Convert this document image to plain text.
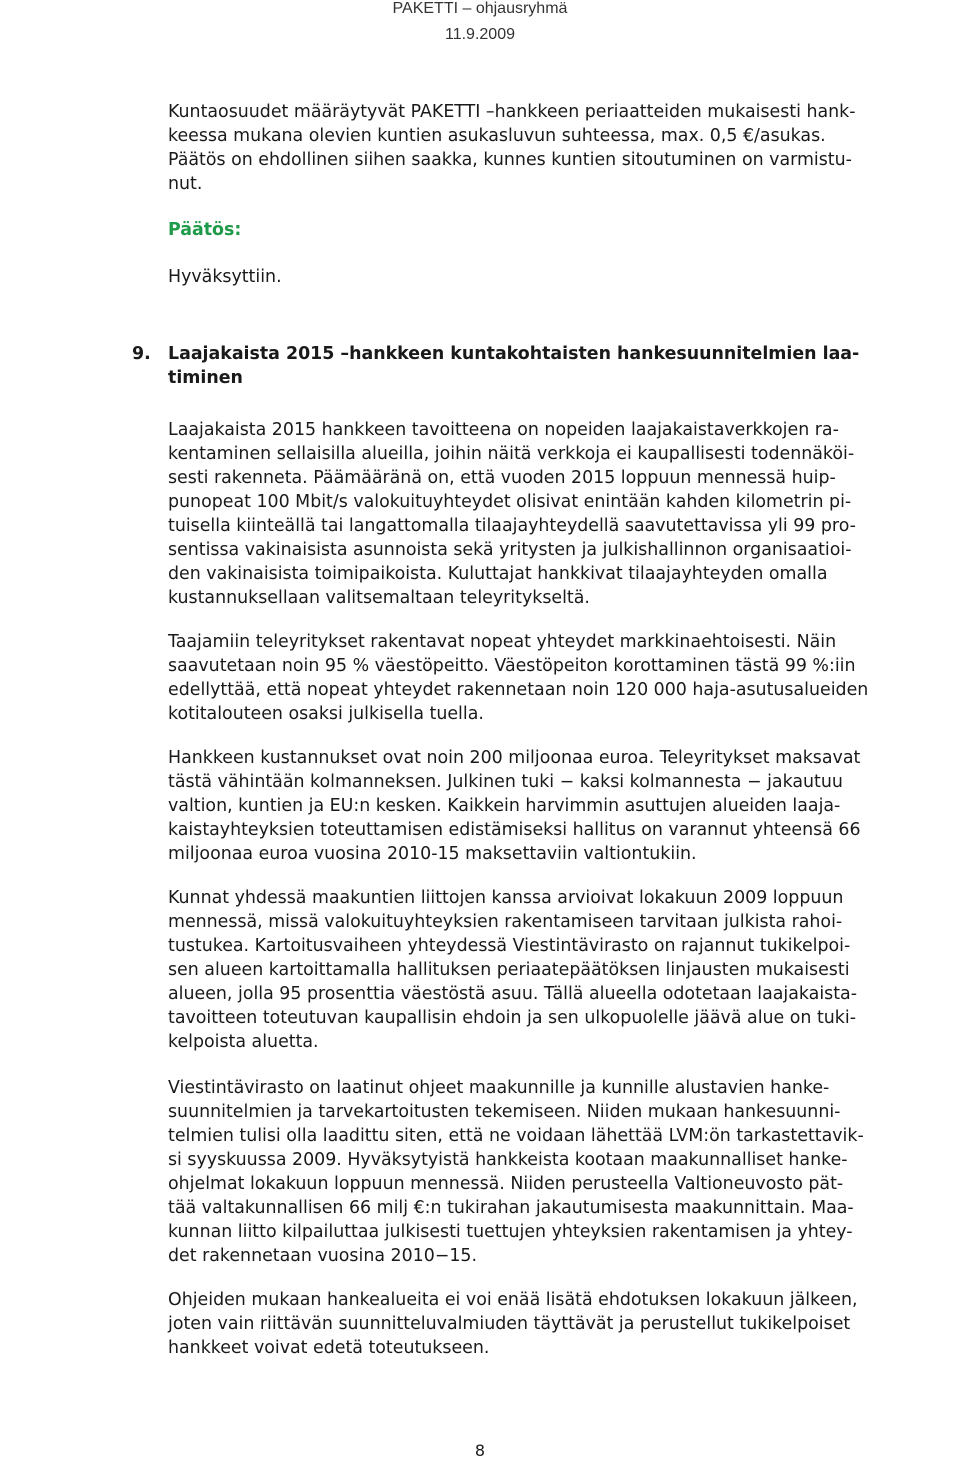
PAKETTI – ohjausryhmä
11.9.2009
Kuntaosuudet määräytyvät PAKETTI –hankkeen periaatteiden mukaisesti hank-
keessa mukana olevien kuntien asukasluvun suhteessa, max. 0,5 €/asukas.
Päätös on ehdollinen siihen saakka, kunnes kuntien sitoutuminen on varmistu-
nut.
Päätös:
Hyväksyttiin.
9. Laajakaista 2015 –hankkeen kuntakohtaisten hankesuunnitelmien laa-
timinen
Laajakaista 2015 hankkeen tavoitteena on nopeiden laajakaistaverkkojen ra-
kentaminen sellaisilla alueilla, joihin näitä verkkoja ei kaupallisesti todennäköi-
sesti rakenneta. Päämääränä on, että vuoden 2015 loppuun mennessä huip-
punopeat 100 Mbit/s valokuituyhteydet olisivat enintään kahden kilometrin pi-
tuisella kiinteällä tai langattomalla tilaajayhteydellä saavutettavissa yli 99 pro-
sentissa vakinaisista asunnoista sekä yritysten ja julkishallinnon organisaatioi-
den vakinaisista toimipaikoista. Kuluttajat hankkivat tilaajayhteyden omalla
kustannuksellaan valitsemaltaan teleyritykseltä.
Taajamiin teleyritykset rakentavat nopeat yhteydet markkinaehtoisesti. Näin
saavutetaan noin 95 % väestöpeitto. Väestöpeiton korottaminen tästä 99 %:iin
edellyttää, että nopeat yhteydet rakennetaan noin 120 000 haja-asutusalueiden
kotitalouteen osaksi julkisella tuella.
Hankkeen kustannukset ovat noin 200 miljoonaa euroa. Teleyritykset maksavat
tästä vähintään kolmanneksen. Julkinen tuki − kaksi kolmannesta − jakautuu
valtion, kuntien ja EU:n kesken. Kaikkein harvimmin asuttujen alueiden laaja-
kaistayhteyksien toteuttamisen edistämiseksi hallitus on varannut yhteensä 66
miljoonaa euroa vuosina 2010-15 maksettaviin valtiontukiin.
Kunnat yhdessä maakuntien liittojen kanssa arvioivat lokakuun 2009 loppuun
mennessä, missä valokuituyhteyksien rakentamiseen tarvitaan julkista rahoi-
tustukea. Kartoitusvaiheen yhteydessä Viestintävirasto on rajannut tukikelpoi-
sen alueen kartoittamalla hallituksen periaatepäätöksen linjausten mukaisesti
alueen, jolla 95 prosenttia väestöstä asuu. Tällä alueella odotetaan laajakaista-
tavoitteen toteutuvan kaupallisin ehdoin ja sen ulkopuolelle jäävä alue on tuki-
kelpoista aluetta.
Viestintävirasto on laatinut ohjeet maakunnille ja kunnille alustavien hanke-
suunnitelmien ja tarvekartoitusten tekemiseen. Niiden mukaan hankesuunni-
telmien tulisi olla laadittu siten, että ne voidaan lähettää LVM:ön tarkastettavik-
si syyskuussa 2009. Hyväksytyistä hankkeista kootaan maakunnalliset hanke-
ohjelmat lokakuun loppuun mennessä. Niiden perusteella Valtioneuvosto pät-
tää valtakunnallisen 66 milj €:n tukirahan jakautumisesta maakunnittain. Maa-
kunnan liitto kilpailuttaa julkisesti tuettujen yhteyksien rakentamisen ja yhtey-
det rakennetaan vuosina 2010−15.
Ohjeiden mukaan hankealueita ei voi enää lisätä ehdotuksen lokakuun jälkeen,
joten vain riittävän suunnitteluvalmiuden täyttävät ja perustellut tukikelpoiset
hankkeet voivat edetä toteutukseen.
8
